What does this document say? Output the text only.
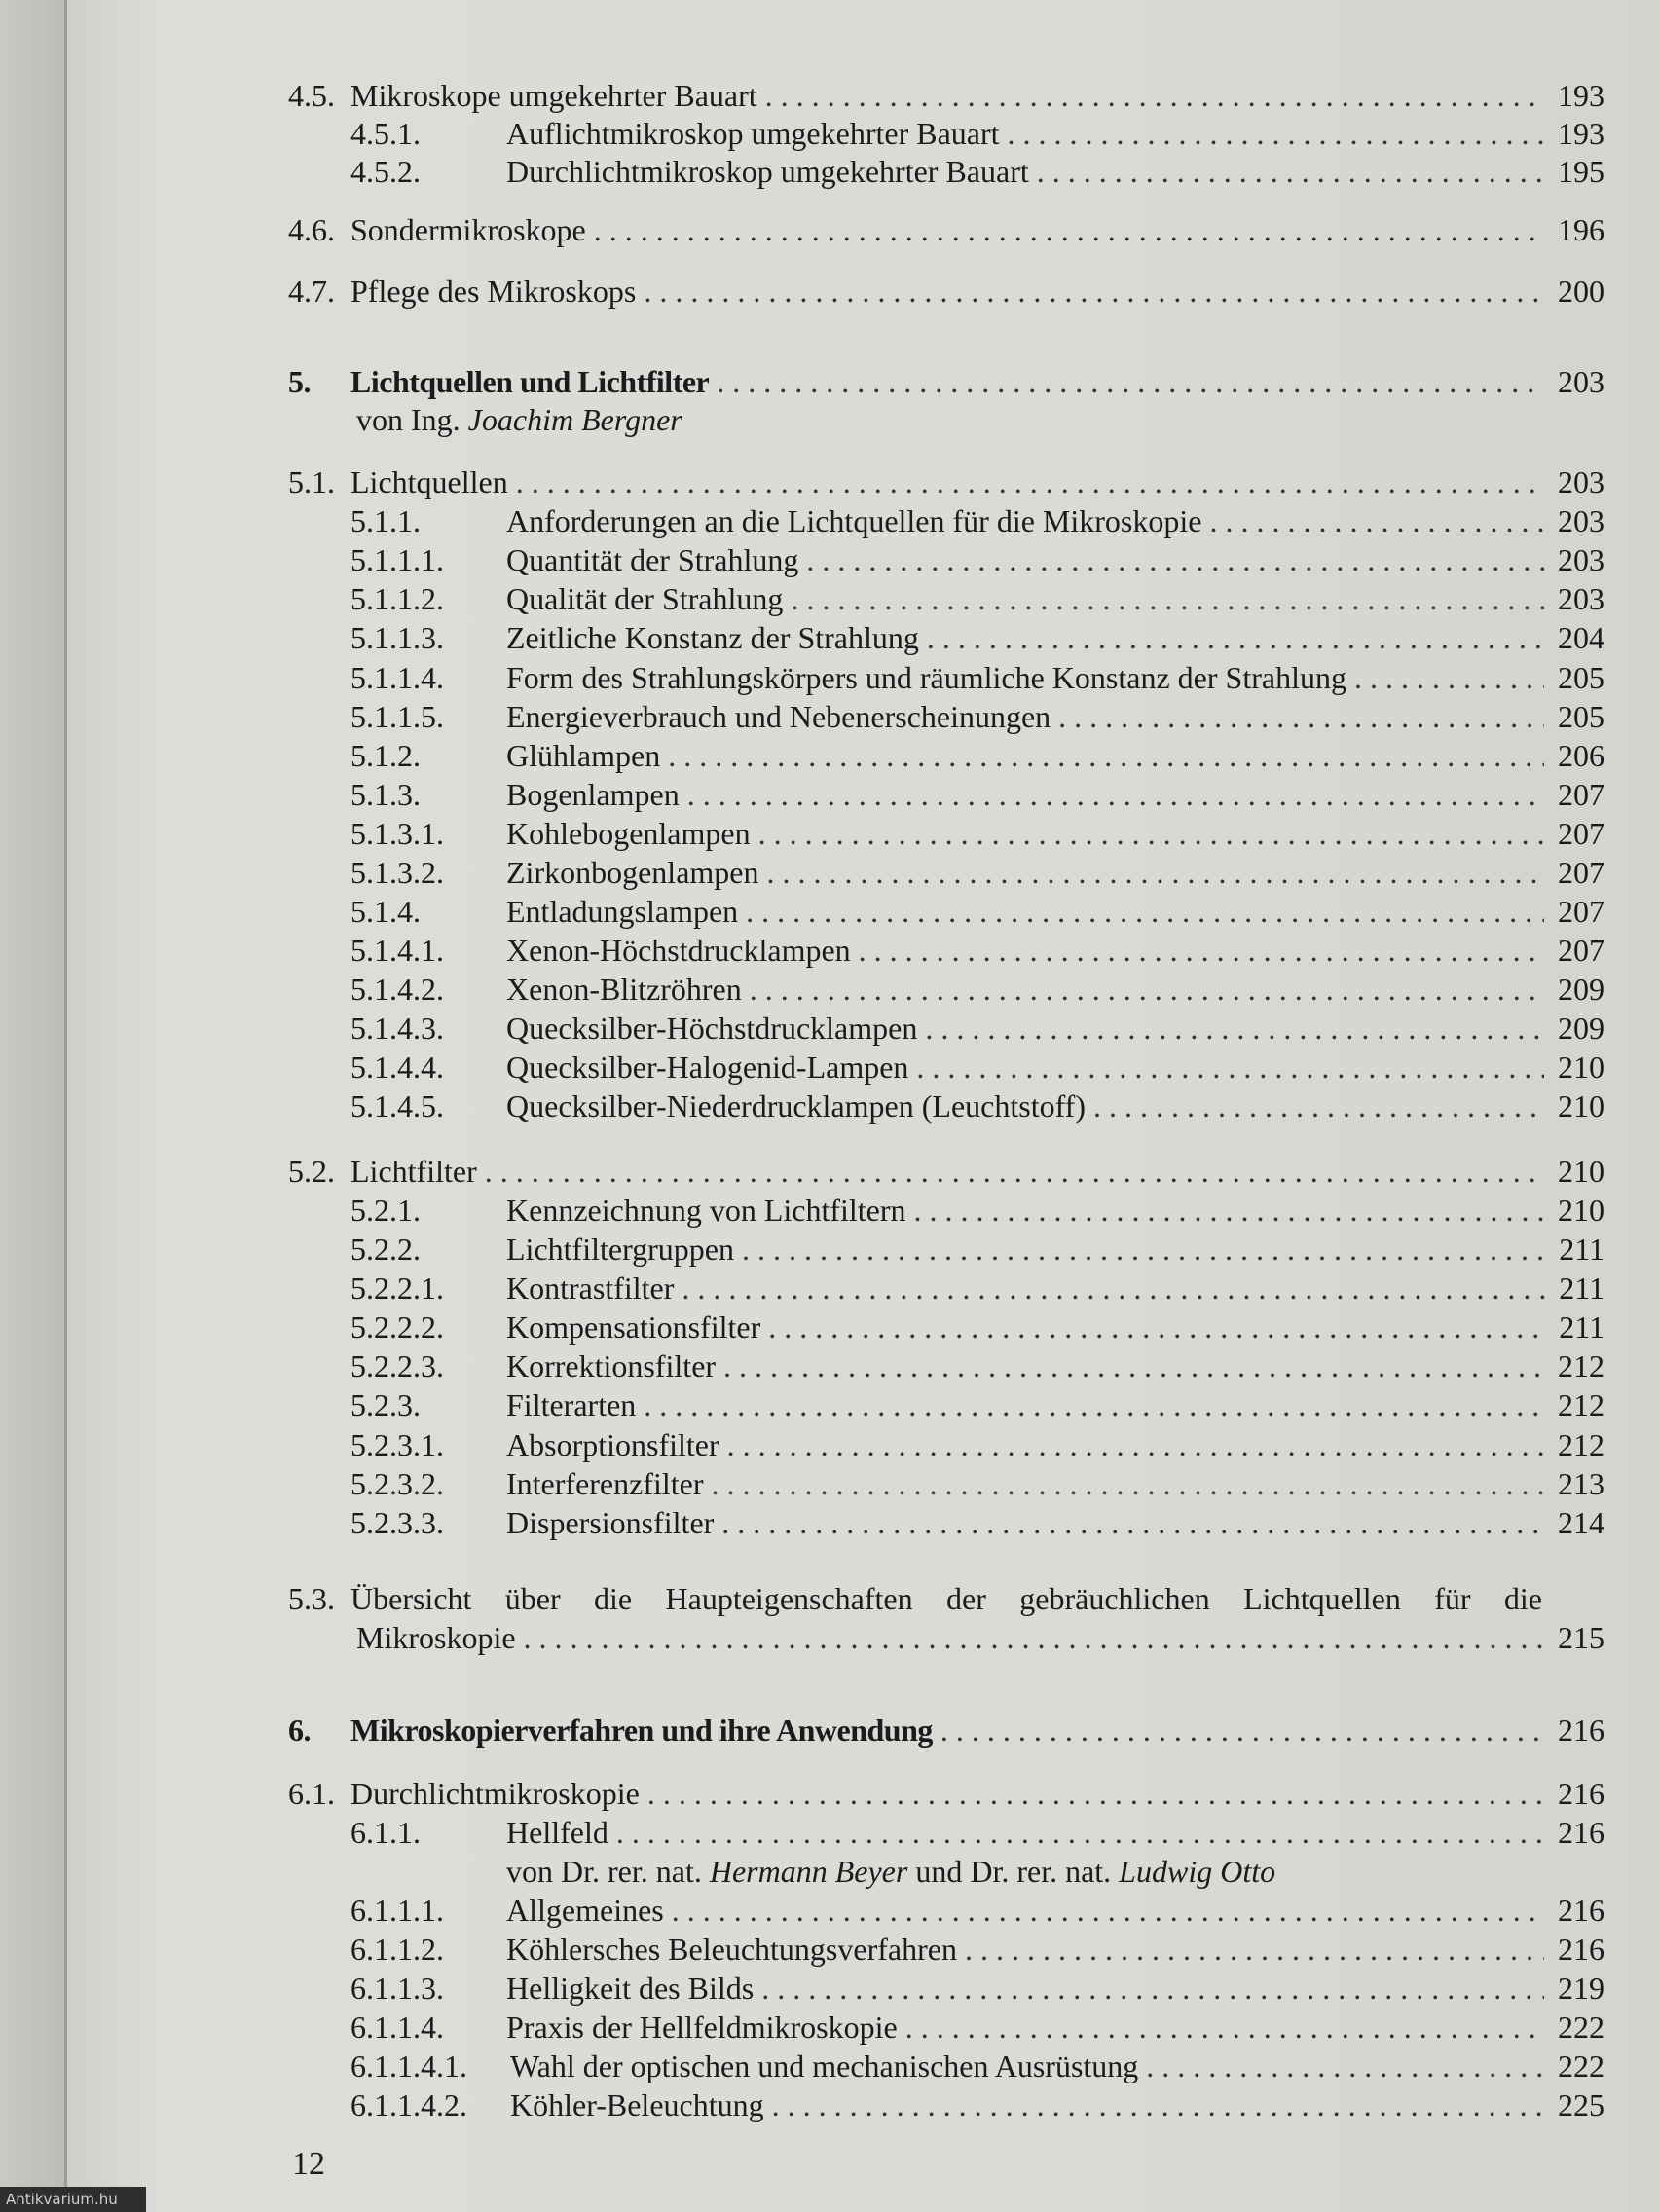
4.5. Mikroskope umgekehrter Bauart . . .	193
4.5.1.	Auflichtmikroskop umgekehrter Bauart . . .	193
4.5.2.	Durchlichtmikroskop umgekehrter Bauart . . .	195
4.6. Sondermikroskope . . .	196
4.7. Pflege des Mikroskops . . .	200
5. Lichtquellen und Lichtfilter . . .	203
von Ing. Joachim Bergner
5.1. Lichtquellen . . .	203
5.1.1.	Anforderungen an die Lichtquellen für die Mikroskopie . . .	203
5.1.1.1. Quantität der Strahlung . . .	203
5.1.1.2. Qualität der Strahlung . . .	203
5.1.1.3. Zeitliche Konstanz der Strahlung . . .	204
5.1.1.4. Form des Strahlungskörpers und räumliche Konstanz der Strahlung . . .	205
5.1.1.5. Energieverbrauch und Nebenerscheinungen . . .	205
5.1.2.	Glühlampen . . .	206
5.1.3.	Bogenlampen . . .	207
5.1.3.1. Kohlebogenlampen . . .	207
5.1.3.2. Zirkonbogenlampen . . .	207
5.1.4.	Entladungslampen . . .	207
5.1.4.1. Xenon-Höchstdrucklampen . . .	207
5.1.4.2. Xenon-Blitzröhren . . .	209
5.1.4.3. Quecksilber-Höchstdrucklampen . . .	209
5.1.4.4. Quecksilber-Halogenid-Lampen . . .	210
5.1.4.5. Quecksilber-Niederdrucklampen (Leuchtstoff) . . .	210
5.2. Lichtfilter . . .	210
5.2.1.	Kennzeichnung von Lichtfiltern . . .	210
5.2.2.	Lichtfiltergruppen . . .	211
5.2.2.1. Kontrastfilter . . .	211
5.2.2.2. Kompensationsfilter . . .	211
5.2.2.3. Korrektionsfilter . . .	212
5.2.3.	Filterarten . . .	212
5.2.3.1. Absorptionsfilter . . .	212
5.2.3.2. Interferenzfilter . . .	213
5.2.3.3. Dispersionsfilter . . .	214
5.3. Übersicht über die Haupteigenschaften der gebräuchlichen Lichtquellen für die
Mikroskopie . . .	215
6. Mikroskopierverfahren und ihre Anwendung . . .	216
6.1. Durchlichtmikroskopie . . .	216
6.1.1.	Hellfeld . . .	216
von Dr. rer. nat. Hermann Beyer und Dr. rer. nat. Ludwig Otto
6.1.1.1. Allgemeines . . .	216
6.1.1.2. Köhlersches Beleuchtungsverfahren . . .	216
6.1.1.3. Helligkeit des Bilds . . .	219
6.1.1.4. Praxis der Hellfeldmikroskopie . . .	222
6.1.1.4.1. Wahl der optischen und mechanischen Ausrüstung . . .	222
6.1.1.4.2. Köhler-Beleuchtung . . .	225
12
Antikvarium.hu
